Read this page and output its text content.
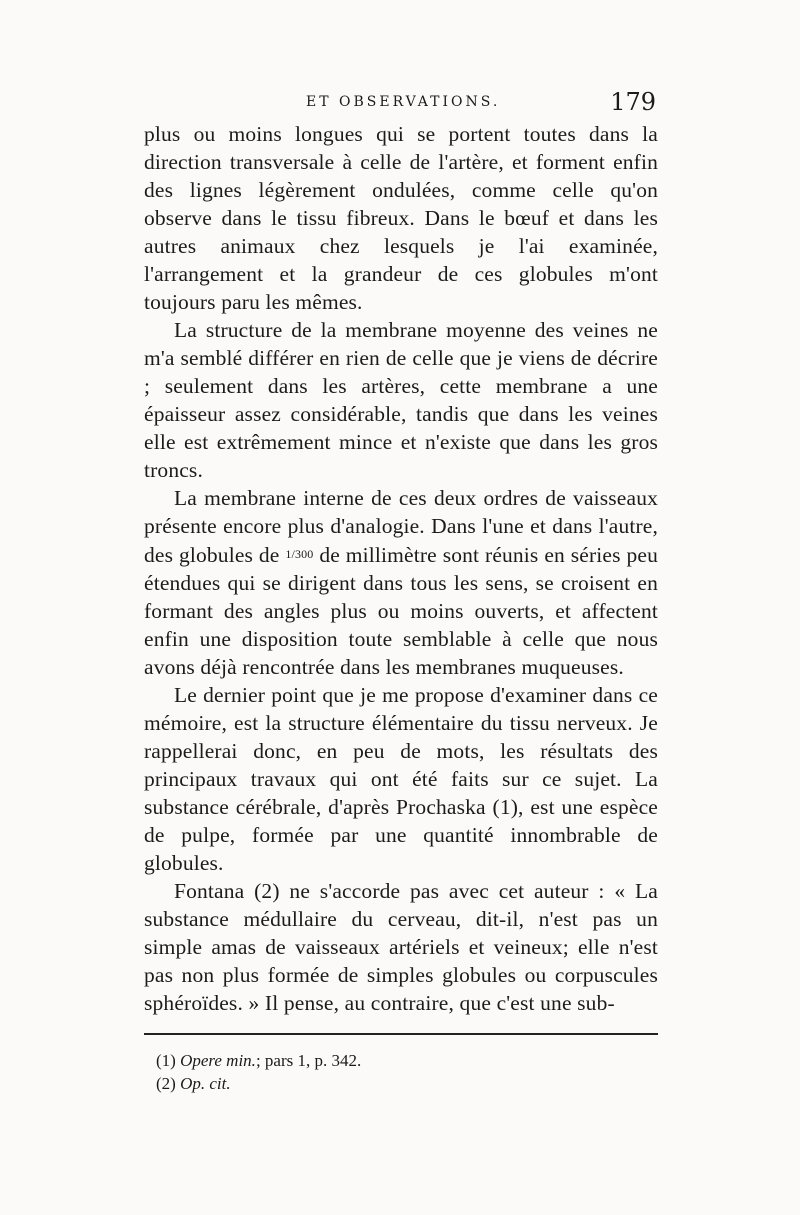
ET OBSERVATIONS.	179

plus ou moins longues qui se portent toutes dans la direction transversale à celle de l'artère, et forment enfin des lignes légèrement ondulées, comme celle qu'on observe dans le tissu fibreux. Dans le bœuf et dans les autres animaux chez lesquels je l'ai examinée, l'arrangement et la grandeur de ces globules m'ont toujours paru les mêmes.

La structure de la membrane moyenne des veines ne m'a semblé différer en rien de celle que je viens de décrire ; seulement dans les artères, cette membrane a une épaisseur assez considérable, tandis que dans les veines elle est extrêmement mince et n'existe que dans les gros troncs.

La membrane interne de ces deux ordres de vaisseaux présente encore plus d'analogie. Dans l'une et dans l'autre, des globules de 1/300 de millimètre sont réunis en séries peu étendues qui se dirigent dans tous les sens, se croisent en formant des angles plus ou moins ouverts, et affectent enfin une disposition toute semblable à celle que nous avons déjà rencontrée dans les membranes muqueuses.

Le dernier point que je me propose d'examiner dans ce mémoire, est la structure élémentaire du tissu nerveux. Je rappellerai donc, en peu de mots, les résultats des principaux travaux qui ont été faits sur ce sujet. La substance cérébrale, d'après Prochaska (1), est une espèce de pulpe, formée par une quantité innombrable de globules.

Fontana (2) ne s'accorde pas avec cet auteur : « La substance médullaire du cerveau, dit-il, n'est pas un simple amas de vaisseaux artériels et veineux; elle n'est pas non plus formée de simples globules ou corpuscules sphéroïdes. » Il pense, au contraire, que c'est une sub-

(1) Opere min.; pars 1, p. 342.

(2) Op. cit.
